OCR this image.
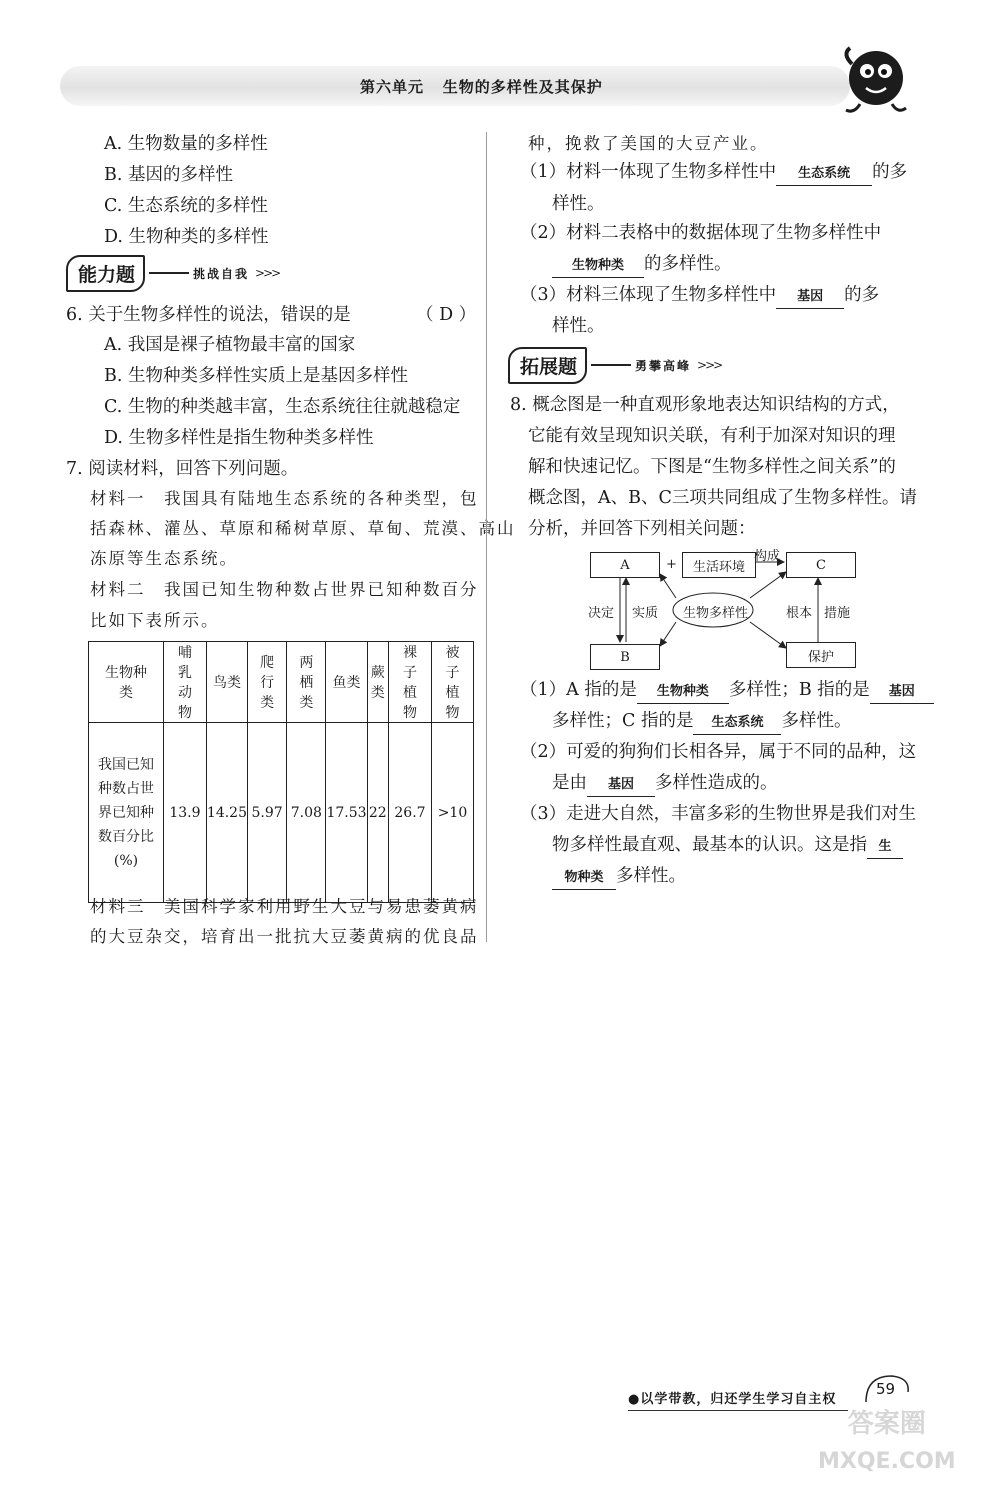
第六单元 生物的多样性及其保护
A. 生物数量的多样性
B. 基因的多样性
C. 生态系统的多样性
D. 生物种类的多样性
能力题	挑战自我 >>>
6. 关于生物多样性的说法，错误的是	（ D ）
A. 我国是裸子植物最丰富的国家
B. 生物种类多样性实质上是基因多样性
C. 生物的种类越丰富，生态系统往往就越稳定
D. 生物多样性是指生物种类多样性
7. 阅读材料，回答下列问题。
材料一　我国具有陆地生态系统的各种类型，包
括森林、灌丛、草原和稀树草原、草甸、荒漠、高山
冻原等生态系统。
材料二　我国已知生物种数占世界已知种数百分
比如下表所示。
生物种类	哺乳动物	鸟类	爬行类	两栖类	鱼类	蕨类	裸子植物	被子植物
我国已知种数占世界已知种数百分比(%)	13.9	14.25	5.97	7.08	17.53	22	26.7	>10
材料三　美国科学家利用野生大豆与易患萎黄病
的大豆杂交，培育出一批抗大豆萎黄病的优良品
种，挽救了美国的大豆产业。
（1）材料一体现了生物多样性中 生态系统 的多
样性。
（2）材料二表格中的数据体现了生物多样性中
生物种类 的多样性。
（3）材料三体现了生物多样性中 基因 的多
样性。
拓展题	勇攀高峰 >>>
8. 概念图是一种直观形象地表达知识结构的方式，
它能有效呈现知识关联，有利于加深对知识的理
解和快速记忆。下图是“生物多样性之间关系”的
概念图，A、B、C三项共同组成了生物多样性。请
分析，并回答下列相关问题：
A	+	生活环境
构成
C
决定 实质 生物多样性	根本 措施
B	保护
（1）A 指的是 生物种类 多样性；B 指的是 基因
多样性；C 指的是 生态系统 多样性。
（2）可爱的狗狗们长相各异，属于不同的品种，这
是由 基因 多样性造成的。
（3）走进大自然，丰富多彩的生物世界是我们对生
物多样性最直观、最基本的认识。这是指 生
物种类 多样性。
●以学带教，归还学生学习自主权
59
答案圈
MXQE.COM
